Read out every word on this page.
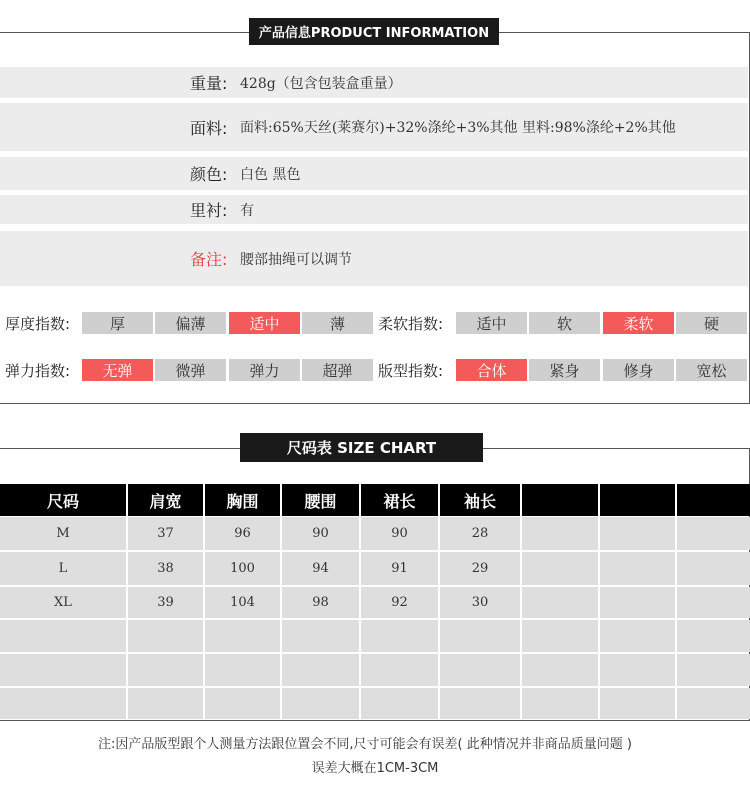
产品信息PRODUCT INFORMATION
重量: 428g（包含包装盒重量）
面料: 面料:65%天丝(莱赛尔)+32%涤纶+3%其他 里料:98%涤纶+2%其他
颜色: 白色 黑色
里衬: 有
备注: 腰部抽绳可以调节
厚度指数:	厚	偏薄	适中	薄	柔软指数:	适中	软	柔软	硬
弹力指数:	无弹	微弹	弹力	超弹	版型指数:	合体	紧身	修身	宽松
尺码表 SIZE CHART
尺码	肩宽	胸围	腰围	裙长	袖长
M	37	96	90	90	28
L	38	100	94	91	29
XL	39	104	98	92	30
注:因产品版型跟个人测量方法跟位置会不同,尺寸可能会有误差( 此种情况并非商品质量问题 )
误差大概在1CM-3CM
